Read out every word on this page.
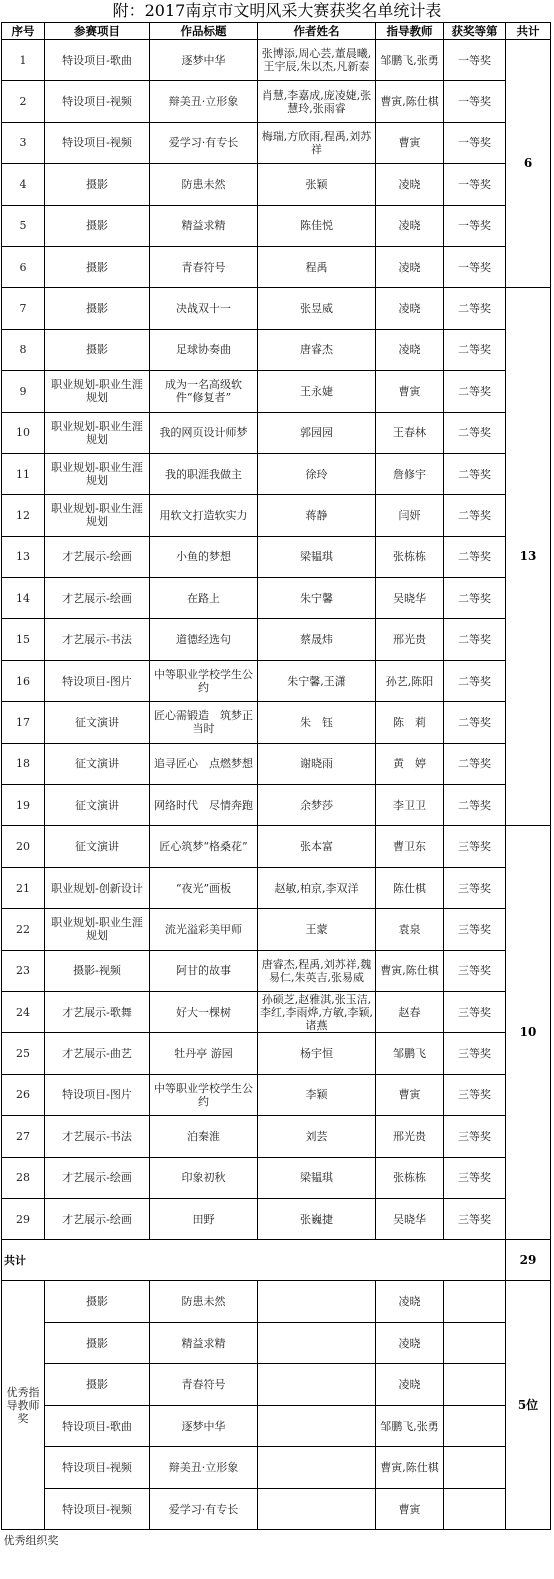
附：2017南京市文明风采大赛获奖名单统计表
序号	参赛项目	作品标题	作者姓名	指导教师	获奖等第	共计
1	特设项目-歌曲	逐梦中华	张博添,周心芸,董晨曦,王宇辰,朱以杰,凡新泰	邹鹏飞,张勇	一等奖	6
2	特设项目-视频	辩美丑·立形象	肖慧,李嘉成,庞凌婕,张慧玲,张雨睿	曹寅,陈仕棋	一等奖	
3	特设项目-视频	爱学习·有专长	梅瑞,方欣雨,程禹,刘苏祥	曹寅	一等奖	
4	摄影	防患未然	张颖	凌晓	一等奖	
5	摄影	精益求精	陈佳悦	凌晓	一等奖	
6	摄影	青春符号	程禹	凌晓	一等奖	
7	摄影	决战双十一	张昱威	凌晓	二等奖	13
8	摄影	足球协奏曲	唐睿杰	凌晓	二等奖	
9	职业规划-职业生涯规划	成为一名高级软件“修复者”	王永婕	曹寅	二等奖	
10	职业规划-职业生涯规划	我的网页设计师梦	郭园园	王春林	二等奖	
11	职业规划-职业生涯规划	我的职涯我做主	徐玲	詹修宇	二等奖	
12	职业规划-职业生涯规划	用软文打造软实力	蒋静	闫妍	二等奖	
13	才艺展示-绘画	小鱼的梦想	梁韫琪	张栋栋	二等奖	
14	才艺展示-绘画	在路上	朱宁馨	吴晓华	二等奖	
15	才艺展示-书法	道德经选句	蔡晟炜	邢光贵	二等奖	
16	特设项目-图片	中等职业学校学生公约	朱宁馨,王潇	孙艺,陈阳	二等奖	
17	征文演讲	匠心需锻造　筑梦正当时	朱　钰	陈　莉	二等奖	
18	征文演讲	追寻匠心　点燃梦想	谢晓雨	黄　婷	二等奖	
19	征文演讲	网络时代　尽情奔跑	余梦莎	李卫卫	二等奖	
20	征文演讲	匠心筑梦“格桑花”	张本富	曹卫东	三等奖	10
21	职业规划-创新设计	“夜光”画板	赵敏,柏京,李双洋	陈仕棋	三等奖	
22	职业规划-职业生涯规划	流光溢彩美甲师	王蒙	袁泉	三等奖	
23	摄影-视频	阿甘的故事	唐睿杰,程禹,刘苏祥,魏易仁,朱英吉,张易威	曹寅,陈仕棋	三等奖	
24	才艺展示-歌舞	好大一棵树	孙硕芝,赵雅淇,张玉洁,李红,李雨烨,方敏,李颖,诸燕	赵春	三等奖	
25	才艺展示-曲艺	牡丹亭 游园	杨宇恒	邹鹏飞	三等奖	
26	特设项目-图片	中等职业学校学生公约	李颖	曹寅	三等奖	
27	才艺展示-书法	泊秦淮	刘芸	邢光贵	三等奖	
28	才艺展示-绘画	印象初秋	梁韫琪	张栋栋	三等奖	
29	才艺展示-绘画	田野	张巍捷	吴晓华	三等奖	
共计						29
优秀指导教师奖	摄影	防患未然		凌晓		5位
	摄影	精益求精		凌晓		
	摄影	青春符号		凌晓		
	特设项目-歌曲	逐梦中华		邹鹏飞,张勇		
	特设项目-视频	辩美丑·立形象		曹寅,陈仕棋		
	特设项目-视频	爱学习·有专长		曹寅		
优秀组织奖						
